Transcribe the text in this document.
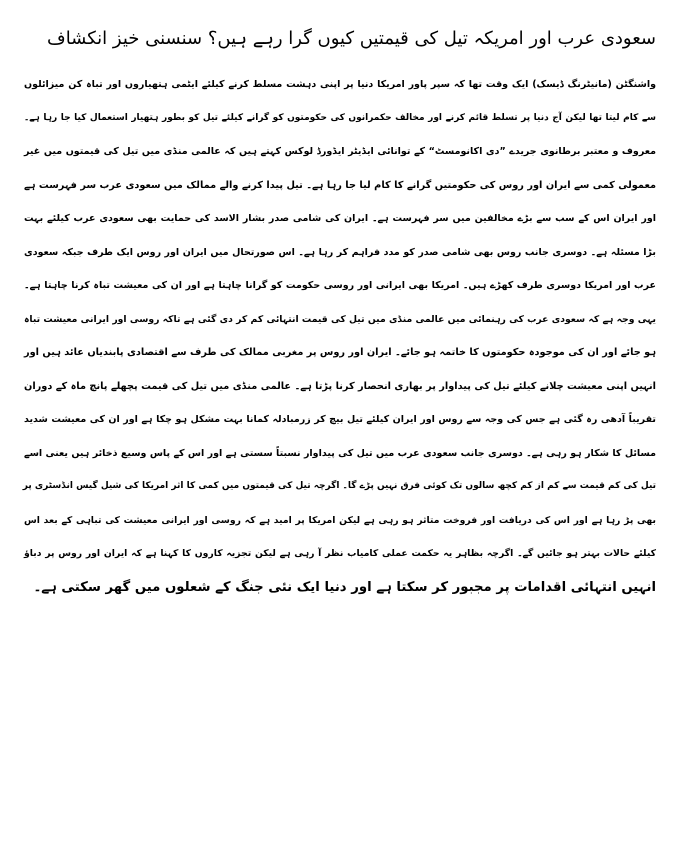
سعودی عرب اور امریکہ تیل کی قیمتیں کیوں گرا رہے ہیں؟ سنسنی خیز انکشاف
واشنگٹن (مانیٹرنگ ڈیسک) ایک وقت تھا کہ سپر پاور امریکا دنیا پر اپنی دہشت مسلط کرنے کیلئے ایٹمی ہتھیاروں اور تباہ کن میزائلوں
سے کام لیتا تھا لیکن آج دنیا پر تسلط قائم کرنے اور مخالف حکمرانوں کی حکومتوں کو گرانے کیلئے تیل کو بطور ہتھیار استعمال کیا جا رہا ہے۔
معروف و معتبر برطانوی جریدے ”دی اکانومسٹ“ کے توانائی ایڈیٹر ایڈورڈ لوکس کہتے ہیں کہ عالمی منڈی میں تیل کی قیمتوں میں غیر
معمولی کمی سے ایران اور روس کی حکومتیں گرانے کا کام لیا جا رہا ہے۔ تیل پیدا کرنے والے ممالک میں سعودی عرب سر فہرست ہے
اور ایران اس کے سب سے بڑے مخالفین میں سر فہرست ہے۔ ایران کی شامی صدر بشار الاسد کی حمایت بھی سعودی عرب کیلئے بہت
بڑا مسئلہ ہے۔ دوسری جانب روس بھی شامی صدر کو مدد فراہم کر رہا ہے۔ اس صورتحال میں ایران اور روس ایک طرف جبکہ سعودی
عرب اور امریکا دوسری طرف کھڑے ہیں۔ امریکا بھی ایرانی اور روسی حکومت کو گرانا چاہتا ہے اور ان کی معیشت تباہ کرنا چاہتا ہے۔
یہی وجہ ہے کہ سعودی عرب کی رہنمائی میں عالمی منڈی میں تیل کی قیمت انتہائی کم کر دی گئی ہے تاکہ روسی اور ایرانی معیشت تباہ
ہو جائے اور ان کی موجودہ حکومتوں کا خاتمہ ہو جائے۔ ایران اور روس پر مغربی ممالک کی طرف سے اقتصادی پابندیاں عائد ہیں اور
انہیں اپنی معیشت چلانے کیلئے تیل کی پیداوار پر بھاری انحصار کرنا پڑتا ہے۔ عالمی منڈی میں تیل کی قیمت پچھلے پانچ ماہ کے دوران
تقریباً آدھی رہ گئی ہے جس کی وجہ سے روس اور ایران کیلئے تیل بیچ کر زرمبادلہ کمانا بہت مشکل ہو چکا ہے اور ان کی معیشت شدید
مسائل کا شکار ہو رہی ہے۔ دوسری جانب سعودی عرب میں تیل کی پیداوار نسبتاً سستی ہے اور اس کے پاس وسیع ذخائر ہیں یعنی اسے
تیل کی کم قیمت سے کم از کم کچھ سالوں تک کوئی فرق نہیں پڑے گا۔ اگرچہ تیل کی قیمتوں میں کمی کا اثر امریکا کی شیل گیس انڈسٹری پر
بھی پڑ رہا ہے اور اس کی دریافت اور فروخت متاثر ہو رہی ہے لیکن امریکا پر امید ہے کہ روسی اور ایرانی معیشت کی تباہی کے بعد اس
کیلئے حالات بہتر ہو جائیں گے۔ اگرچہ بظاہر یہ حکمت عملی کامیاب نظر آ رہی ہے لیکن تجزیہ کاروں کا کہنا ہے کہ ایران اور روس پر دباؤ
انہیں انتہائی اقدامات پر مجبور کر سکتا ہے اور دنیا ایک نئی جنگ کے شعلوں میں گھر سکتی ہے۔
